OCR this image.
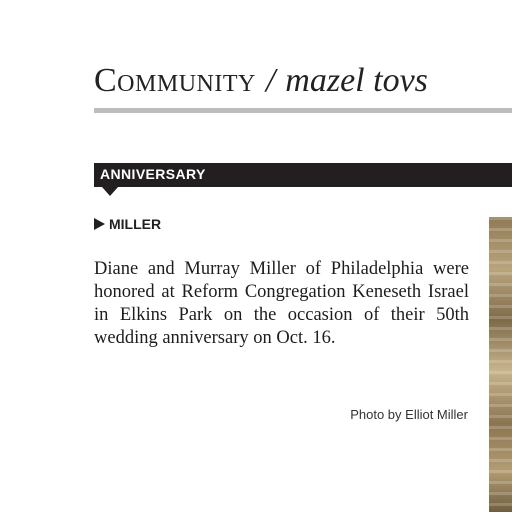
Community / mazel tovs
ANNIVERSARY
MILLER
Diane and Murray Miller of Philadelphia were honored at Reform Congregation Keneseth Israel in Elkins Park on the occasion of their 50th wedding anniversary on Oct. 16.
Photo by Elliot Miller
